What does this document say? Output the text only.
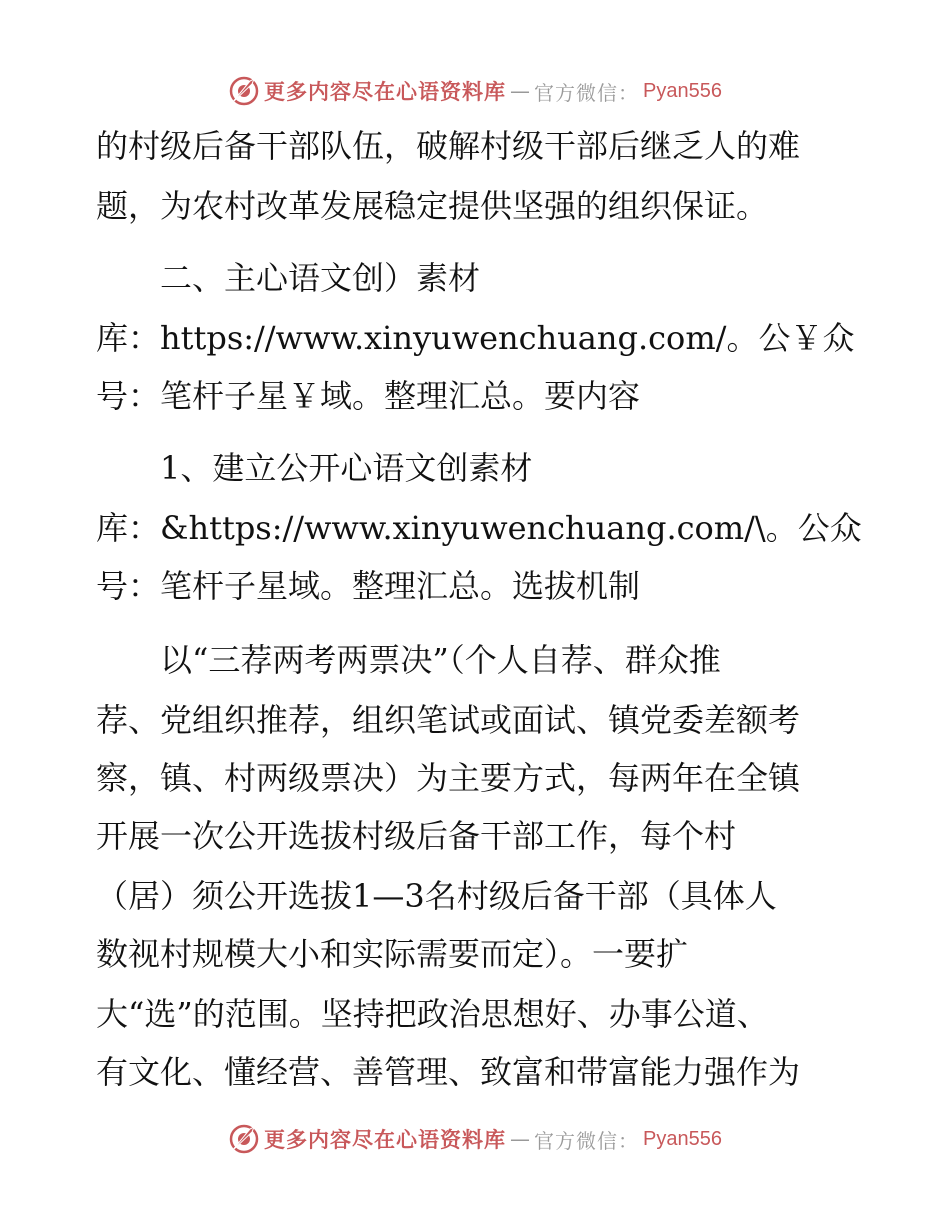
更多内容尽在心语资料库 — 官方微信： Pyan556
的村级后备干部队伍，破解村级干部后继乏人的难
题，为农村改革发展稳定提供坚强的组织保证。
　　二、主心语文创）素材
库：https://www.xinyuwenchuang.com/。公￥众
号：笔杆子星￥域。整理汇总。要内容
　　1、建立公开心语文创素材
库：&https://www.xinyuwenchuang.com/\。公众
号：笔杆子星域。整理汇总。选拔机制
　　以“三荐两考两票决”（个人自荐、群众推
荐、党组织推荐，组织笔试或面试、镇党委差额考
察，镇、村两级票决）为主要方式，每两年在全镇
开展一次公开选拔村级后备干部工作，每个村
（居）须公开选拔1—3名村级后备干部（具体人
数视村规模大小和实际需要而定）。一要扩
大“选”的范围。坚持把政治思想好、办事公道、
有文化、懂经营、善管理、致富和带富能力强作为
更多内容尽在心语资料库 — 官方微信： Pyan556
